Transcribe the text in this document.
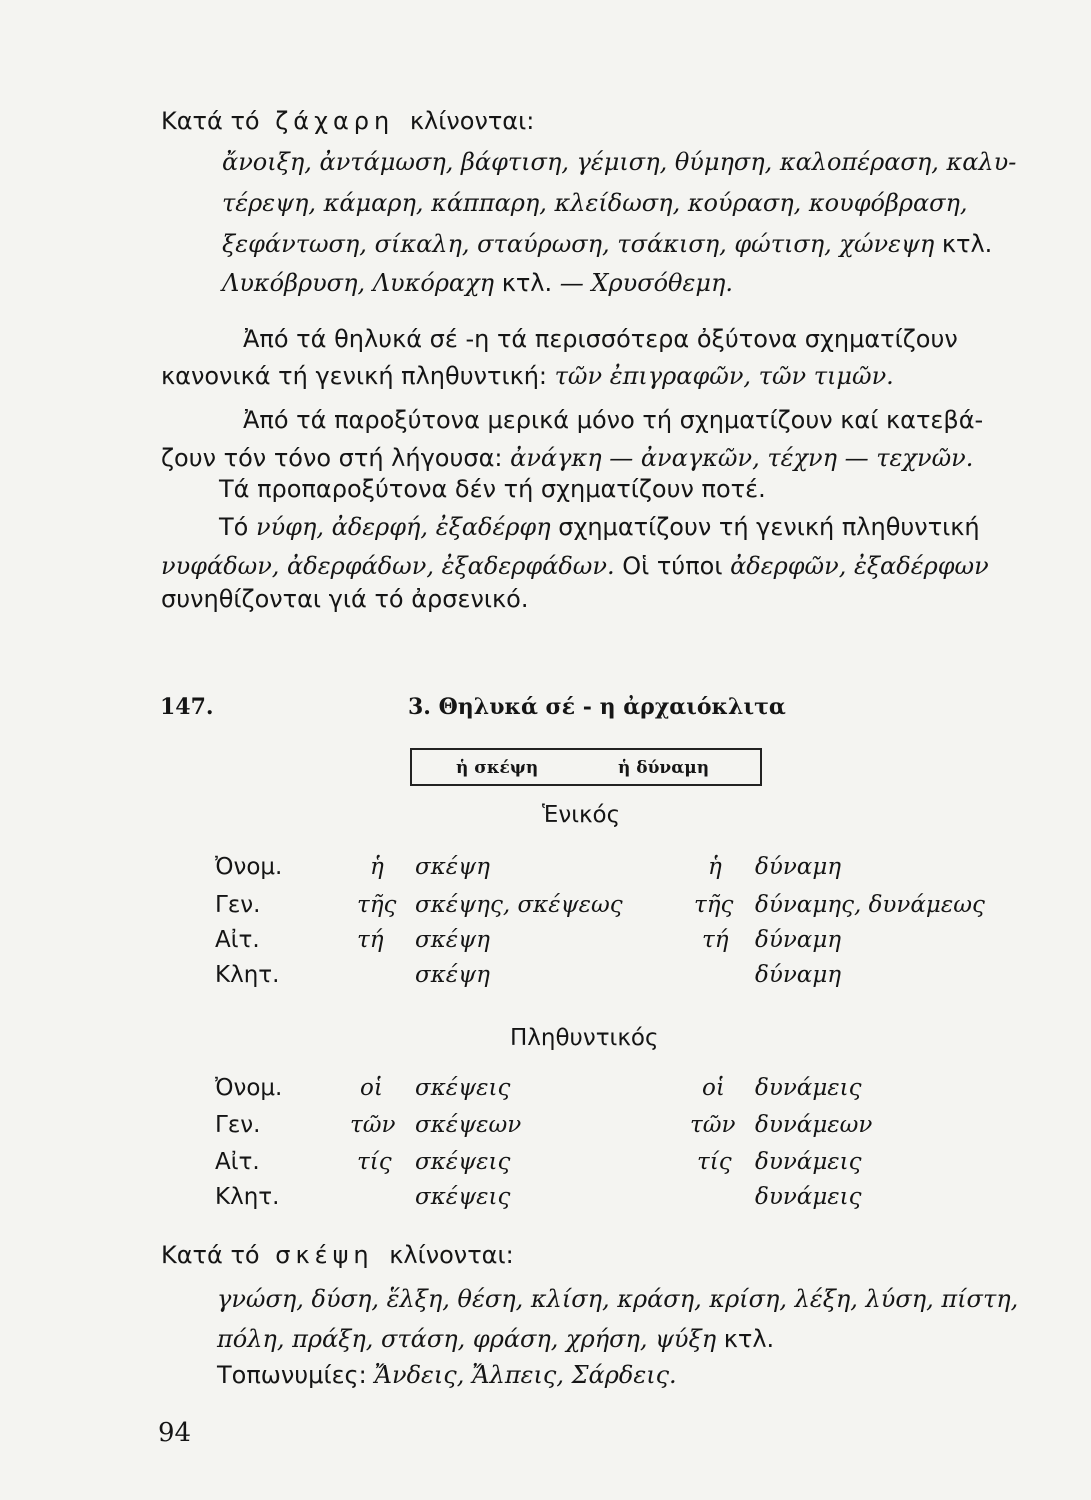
Κατά τό ζάχαρη κλίνονται:
ἄνοιξη, ἀντάμωση, βάφτιση, γέμιση, θύμηση, καλοπέραση, καλυ-
τέρεψη, κάμαρη, κάππαρη, κλείδωση, κούραση, κουφόβραση,
ξεφάντωση, σίκαλη, σταύρωση, τσάκιση, φώτιση, χώνεψη κτλ.
Λυκόβρυση, Λυκόραχη κτλ. — Χρυσόθεμη.
Ἀπό τά θηλυκά σέ -η τά περισσότερα ὀξύτονα σχηματίζουν
κανονικά τή γενική πληθυντική: τῶν ἐπιγραφῶν, τῶν τιμῶν.
Ἀπό τά παροξύτονα μερικά μόνο τή σχηματίζουν καί κατεβά-
ζουν τόν τόνο στή λήγουσα: ἀνάγκη — ἀναγκῶν, τέχνη — τεχνῶν.
Τά προπαροξύτονα δέν τή σχηματίζουν ποτέ.
Τό νύφη, ἀδερφή, ἐξαδέρφη σχηματίζουν τή γενική πληθυντική
νυφάδων, ἀδερφάδων, ἐξαδερφάδων. Οἱ τύποι ἀδερφῶν, ἐξαδέρφων
συνηθίζονται γιά τό ἀρσενικό.
147.	3. Θηλυκά σέ - η ἀρχαιόκλιτα
ἡ σκέψη	ἡ δύναμη
Ἑνικός
Ὀνομ.	ἡ σκέψη	ἡ δύναμη
Γεν.	τῆς σκέψης, σκέψεως	τῆς δύναμης, δυνάμεως
Αἰτ.	τή σκέψη	τή δύναμη
Κλητ.	σκέψη	δύναμη
Πληθυντικός
Ὀνομ.	οἱ σκέψεις	οἱ δυνάμεις
Γεν.	τῶν σκέψεων	τῶν δυνάμεων
Αἰτ.	τίς σκέψεις	τίς δυνάμεις
Κλητ.	σκέψεις	δυνάμεις
Κατά τό σκέψη κλίνονται:
γνώση, δύση, ἕλξη, θέση, κλίση, κράση, κρίση, λέξη, λύση, πίστη,
πόλη, πράξη, στάση, φράση, χρήση, ψύξη κτλ.
Τοπωνυμίες: Ἄνδεις, Ἄλπεις, Σάρδεις.
94
